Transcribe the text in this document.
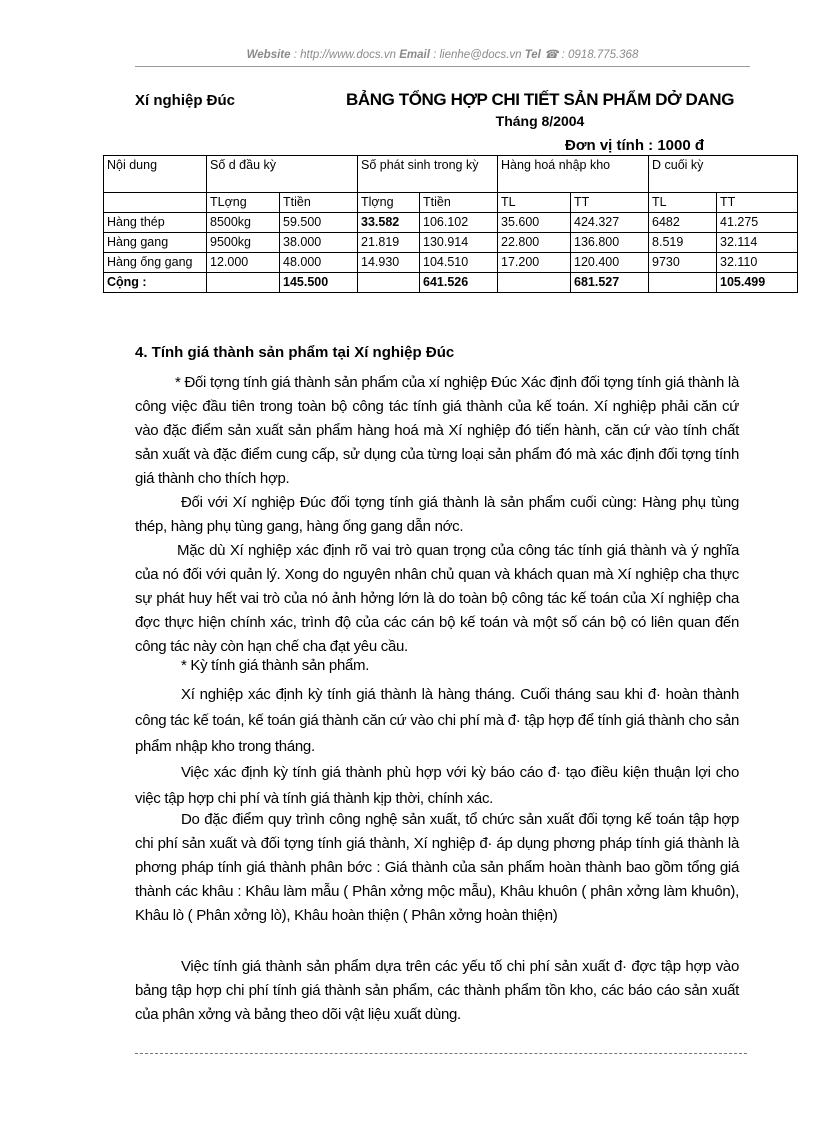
Website : http://www.docs.vn Email : lienhe@docs.vn Tel ☎ : 0918.775.368
Xí nghiệp Đúc	BẢNG TỔNG HỢP CHI TIẾT SẢN PHẨM DỞ DANG
Tháng 8/2004
Đơn vị tính : 1000 đ
Nội dung	Số d đầu kỳ		Số phát sinh trong kỳ		Hàng hoá nhập kho		D cuối kỳ	
	TLợng	Ttiền	Tlợng	Ttiền	TL	TT	TL	TT
Hàng thép	8500kg	59.500	33.582	106.102	35.600	424.327	6482	41.275
Hàng gang	9500kg	38.000	21.819	130.914	22.800	136.800	8.519	32.114
Hàng ống gang	12.000	48.000	14.930	104.510	17.200	120.400	9730	32.110
Cộng :		145.500		641.526		681.527		105.499
4. Tính giá thành sản phẩm tại Xí nghiệp Đúc

* Đối tợng tính giá thành sản phẩm của xí nghiệp Đúc Xác định đối tợng tính giá thành là công việc đầu tiên trong toàn bộ công tác tính giá thành của kế toán. Xí nghiệp phải căn cứ vào đặc điểm sản xuất sản phẩm hàng hoá mà Xí nghiệp đó tiến hành, căn cứ vào tính chất sản xuất và đặc điểm cung cấp, sử dụng của từng loại sản phẩm đó mà xác định đối tợng tính giá thành cho thích hợp.

Đối với Xí nghiệp Đúc đối tợng tính giá thành là sản phẩm cuối cùng: Hàng phụ tùng thép, hàng phụ tùng gang, hàng ống gang dẫn nớc.

Mặc dù Xí nghiệp xác định rõ vai trò quan trọng của công tác tính giá thành và ý nghĩa của nó đối với quản lý. Xong do nguyên nhân chủ quan và khách quan mà Xí nghiệp cha thực sự phát huy hết vai trò của nó ảnh hởng lớn là do toàn bộ công tác kế toán của Xí nghiệp cha đợc thực hiện chính xác, trình độ của các cán bộ kế toán và một số cán bộ có liên quan đến công tác này còn hạn chế cha đạt yêu cầu.

* Kỳ tính giá thành sản phẩm.

Xí nghiệp xác định kỳ tính giá thành là hàng tháng. Cuối tháng sau khi đ· hoàn thành công tác kế toán, kế toán giá thành căn cứ vào chi phí mà đ· tập hợp để tính giá thành cho sản phẩm nhập kho trong tháng.

Việc xác định kỳ tính giá thành phù hợp với kỳ báo cáo đ· tạo điều kiện thuận lợi cho việc tập hợp chi phí và tính giá thành kịp thời, chính xác.

Do đặc điểm quy trình công nghệ sản xuất, tổ chức sản xuất đối tợng kế toán tập hợp chi phí sản xuất và đối tợng tính giá thành, Xí nghiệp đ· áp dụng phơng pháp tính giá thành là phơng pháp tính giá thành phân bớc : Giá thành của sản phẩm hoàn thành bao gồm tổng giá thành các khâu : Khâu làm mẫu ( Phân xởng mộc mẫu), Khâu khuôn ( phân xởng làm khuôn), Khâu lò ( Phân xởng lò), Khâu hoàn thiện ( Phân xởng hoàn thiện)

Việc tính giá thành sản phẩm dựa trên các yếu tố chi phí sản xuất đ· đợc tập hợp vào bảng tập hợp chi phí tính giá thành sản phẩm, các thành phẩm tồn kho, các báo cáo sản xuất của phân xởng và bảng theo dõi vật liệu xuất dùng.
